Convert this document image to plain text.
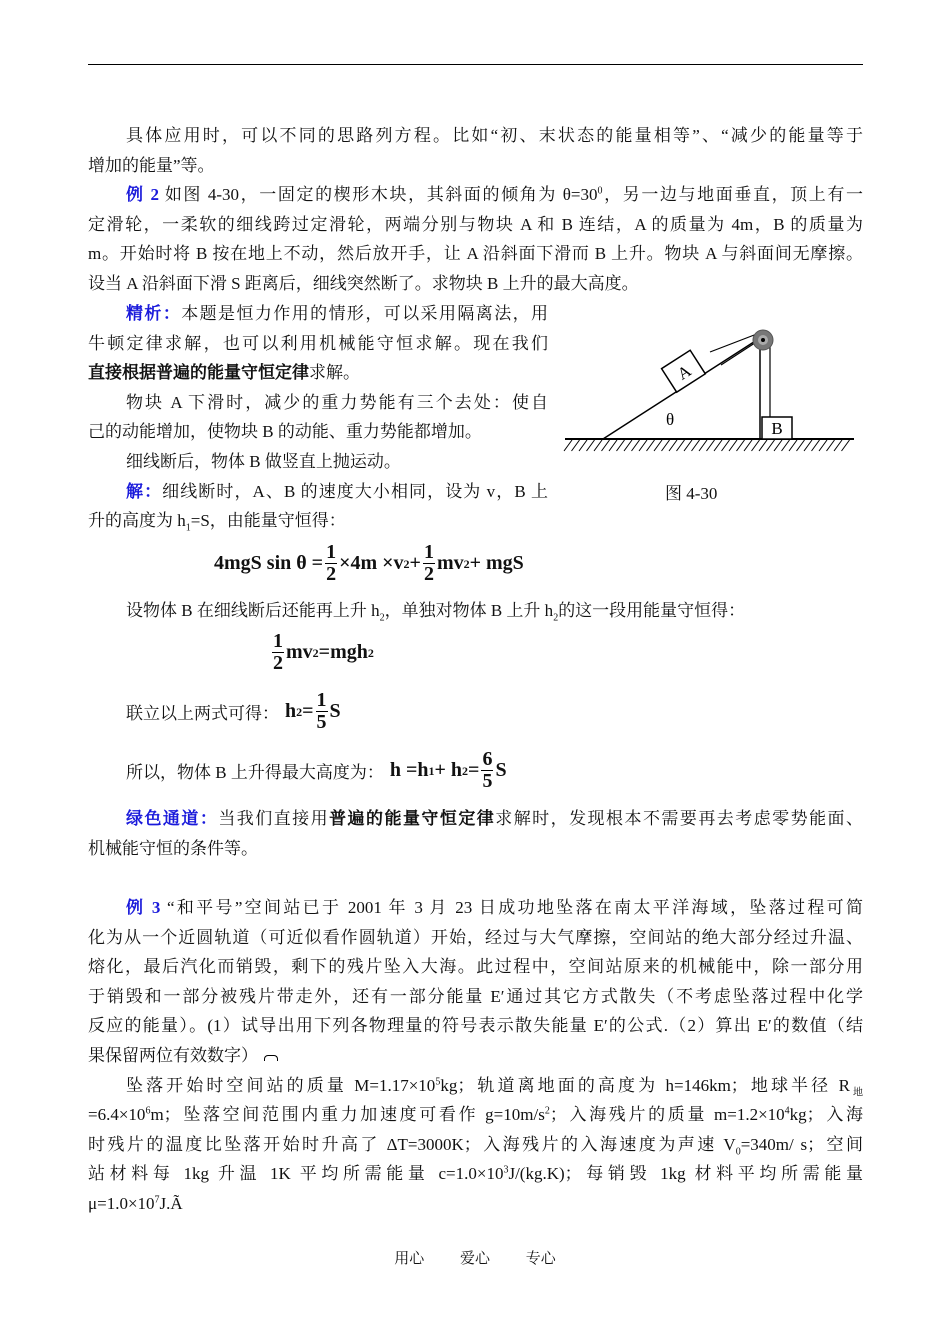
具体应用时，可以不同的思路列方程。比如“初、末状态的能量相等”、“减少的能量等于
增加的能量”等。
例 2 如图 4-30，一固定的楔形木块，其斜面的倾角为 $\theta=30^0$，另一边与地面垂直，顶上有一
定滑轮，一柔软的细线跨过定滑轮，两端分别与物块 A 和 B 连结，A 的质量为 4m，B 的质量为
m。开始时将 B 按在地上不动，然后放开手，让 A 沿斜面下滑而 B 上升。物块 A 与斜面间无摩擦。
设当 A 沿斜面下滑 S 距离后，细线突然断了。求物块 B 上升的最大高度。
精析：本题是恒力作用的情形，可以采用隔离法，用
牛顿定律求解，也可以利用机械能守恒求解。现在我们
直接根据普遍的能量守恒定律求解。
物块 A 下滑时，减少的重力势能有三个去处：使自
己的动能增加，使物块 B 的动能、重力势能都增加。
细线断后，物体 B 做竖直上抛运动。
解：细线断时，A、B 的速度大小相同，设为 v，B 上
升的高度为 $h_1=S$，由能量守恒得：
A
B
θ
图 4-30
4mgS $\sin \theta = \frac{1}{2} \times 4m \times v$ $2 + \frac{1}{2}$ mv 2 + mgS
设物体 B 在细线断后还能再上升 $h_2$，单独对物体 B 上升 $h_2$的这一段用能量守恒得：
$\frac{1}{2}$ mv 2 =mgh 2
联立以上两式可得： h $2 = \frac{1}{5}$ S
所以，物体 B 上升得最大高度为： h =h 1 + h $2 = \frac{6}{5}$ S
绿色通道：当我们直接用普遍的能量守恒定律求解时，发现根本不需要再去考虑零势能面、
机械能守恒的条件等。
例 3 “和平号”空间站已于 2001 年 3 月 23 日成功地坠落在南太平洋海域，坠落过程可简
化为从一个近圆轨道（可近似看作圆轨道）开始，经过与大气摩擦，空间站的绝大部分经过升温、
熔化，最后汽化而销毁，剩下的残片坠入大海。此过程中，空间站原来的机械能中，除一部分用
于销毁和一部分被残片带走外，还有一部分能量 E′通过其它方式散失（不考虑坠落过程中化学
反应的能量）。(1）试导出用下列各物理量的符号表示散失能量 E′的公式.（2）算出 E′的数值（结
果保留两位有效数字）
坠落开始时空间站的质量 $M=1.17\times 10^5kg$；轨道离地面的高度为 h=146km；地球半径 $R_地$
$=6.4\times 10^6m$；坠落空间范围内重力加速度可看作 $g=10m/s^2$；入海残片的质量 $m=1.2\times 10^4kg$；入海
时残片的温度比坠落开始时升高了 ΔT=3000K；入海残片的入海速度为声速 $V_0=340m/$ s；空间
站材料每 1kg 升温 1K 平均所需能量 $c=1.0\times 10^3J/(kg.K)$；每销毁 1kg 材料平均所需能量
$\mu=1.0\times 10^7J.Ã$
用心 爱心 专心
